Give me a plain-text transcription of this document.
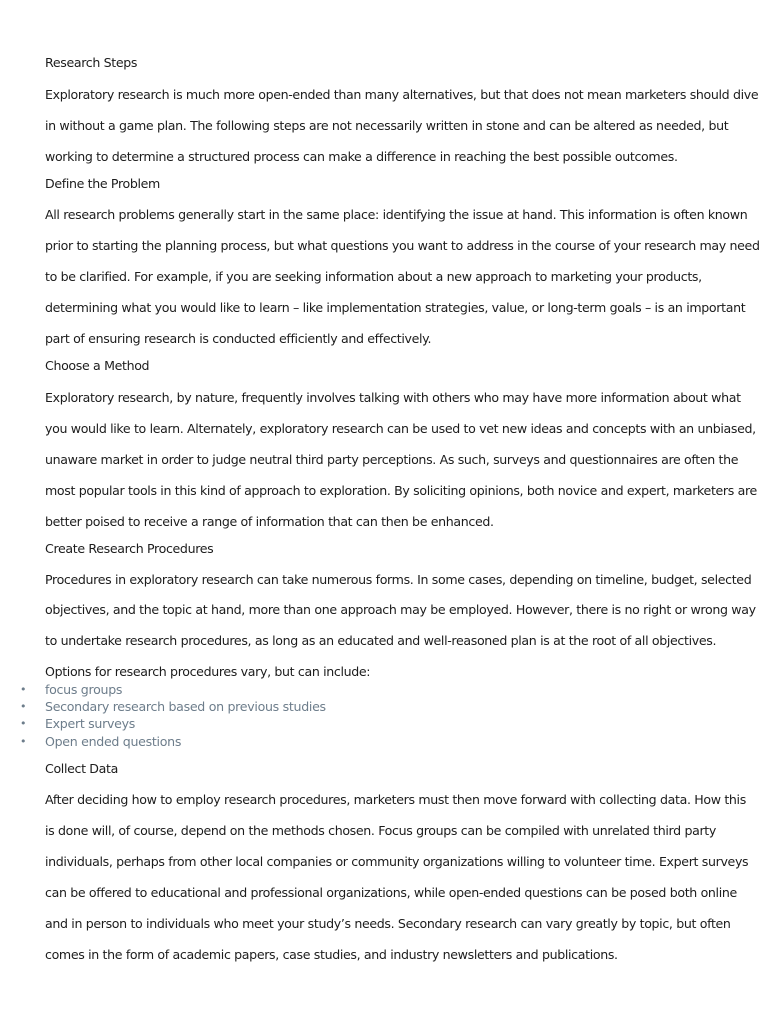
Research Steps
Exploratory research is much more open-ended than many alternatives, but that does not mean marketers should dive
in without a game plan. The following steps are not necessarily written in stone and can be altered as needed, but
working to determine a structured process can make a difference in reaching the best possible outcomes.
Define the Problem
All research problems generally start in the same place: identifying the issue at hand. This information is often known
prior to starting the planning process, but what questions you want to address in the course of your research may need
to be clarified. For example, if you are seeking information about a new approach to marketing your products,
determining what you would like to learn – like implementation strategies, value, or long-term goals – is an important
part of ensuring research is conducted efficiently and effectively.
Choose a Method
Exploratory research, by nature, frequently involves talking with others who may have more information about what
you would like to learn. Alternately, exploratory research can be used to vet new ideas and concepts with an unbiased,
unaware market in order to judge neutral third party perceptions. As such, surveys and questionnaires are often the
most popular tools in this kind of approach to exploration. By soliciting opinions, both novice and expert, marketers are
better poised to receive a range of information that can then be enhanced.
Create Research Procedures
Procedures in exploratory research can take numerous forms. In some cases, depending on timeline, budget, selected
objectives, and the topic at hand, more than one approach may be employed. However, there is no right or wrong way
to undertake research procedures, as long as an educated and well-reasoned plan is at the root of all objectives.
Options for research procedures vary, but can include:
• focus groups
• Secondary research based on previous studies
• Expert surveys
• Open ended questions
Collect Data
After deciding how to employ research procedures, marketers must then move forward with collecting data. How this
is done will, of course, depend on the methods chosen. Focus groups can be compiled with unrelated third party
individuals, perhaps from other local companies or community organizations willing to volunteer time. Expert surveys
can be offered to educational and professional organizations, while open-ended questions can be posed both online
and in person to individuals who meet your study’s needs. Secondary research can vary greatly by topic, but often
comes in the form of academic papers, case studies, and industry newsletters and publications.
